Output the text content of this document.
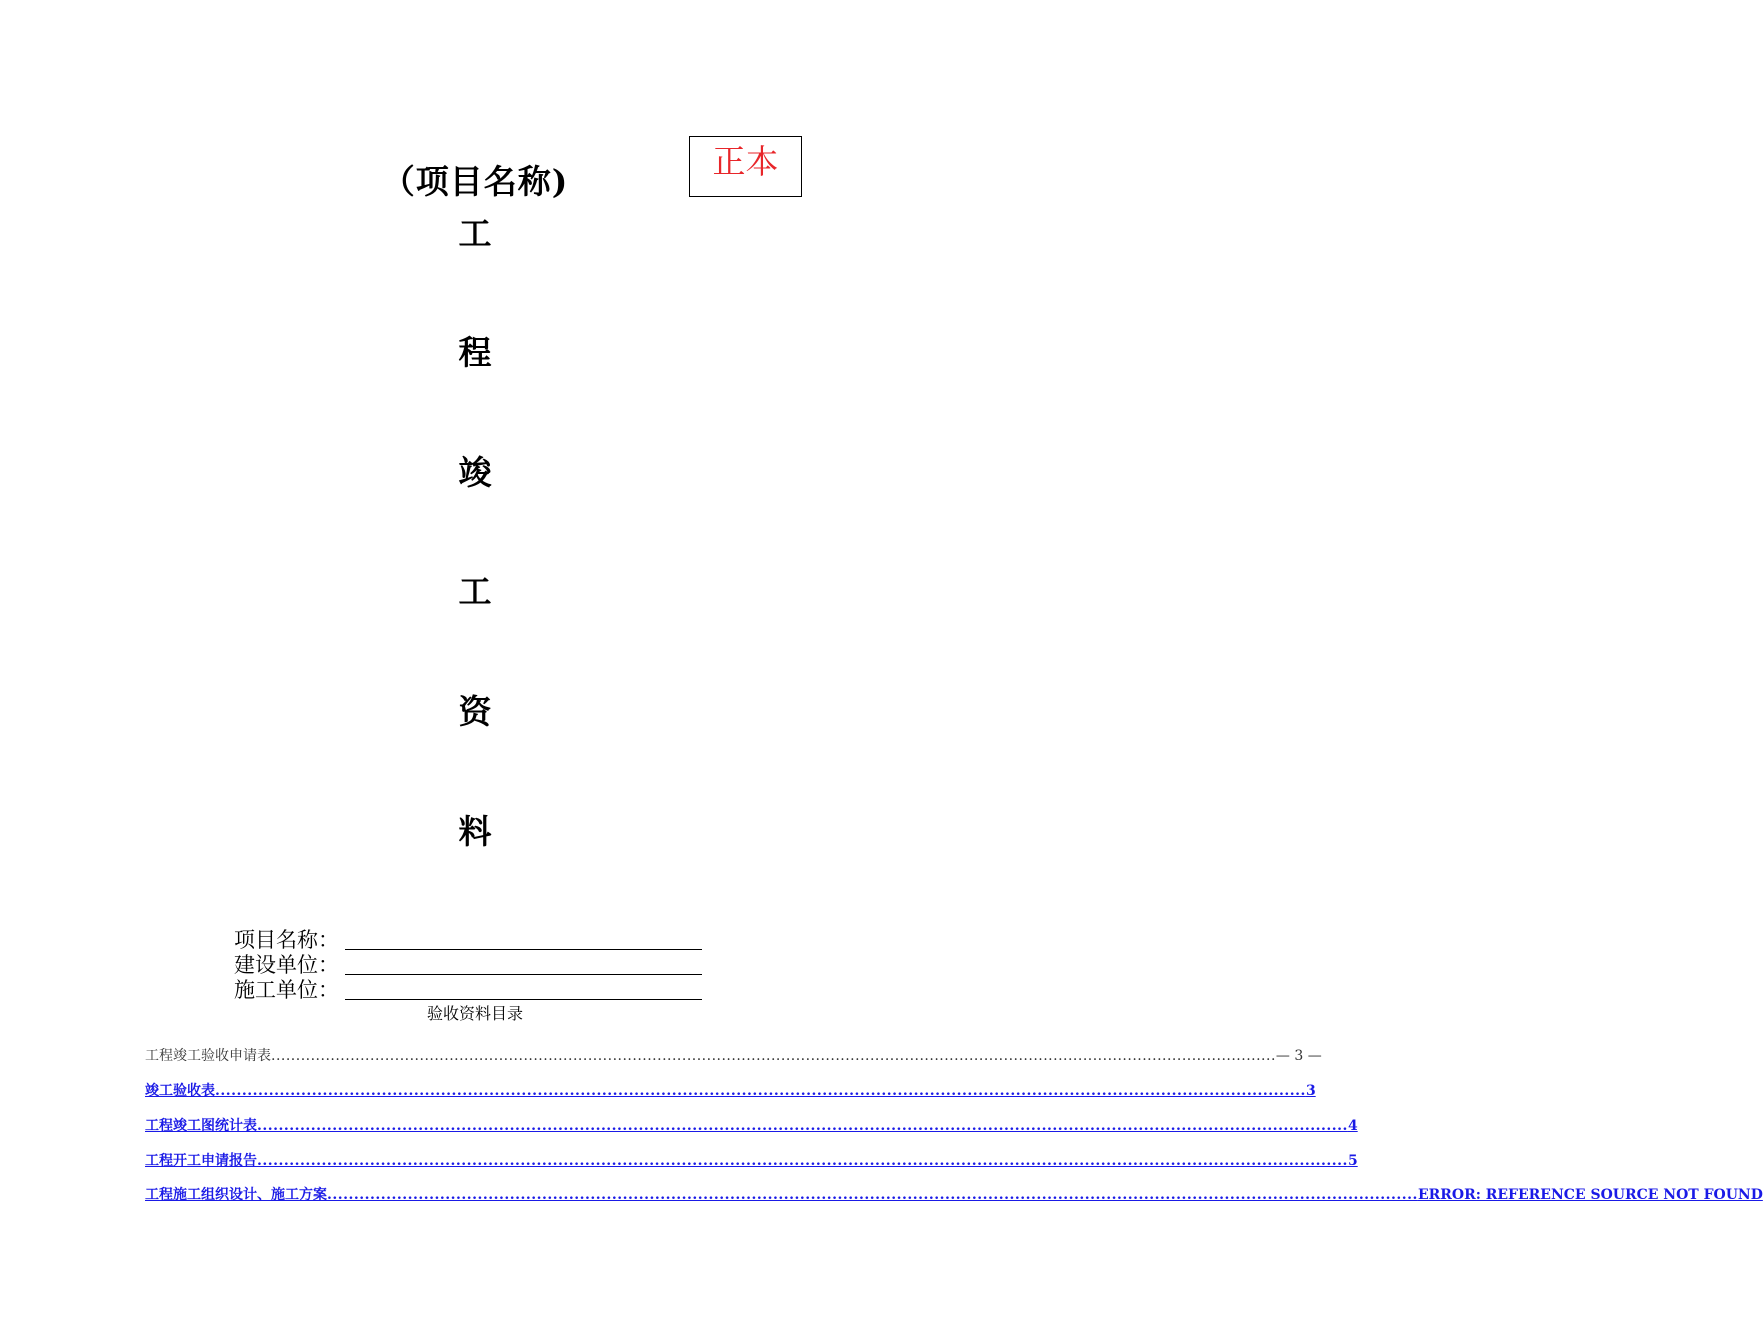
正本
（项目名称)
工
程
竣
工
资
料
项目名称：
建设单位：
施工单位：
验收资料目录
工程竣工验收申请表 ........................................................................................................................................................................................................... — 3 —
竣工验收表 ........................................................................................................................................................................................................... 3
工程竣工图统计表 ........................................................................................................................................................................................................... 4
工程开工申请报告 ........................................................................................................................................................................................................... 5
工程施工组织设计、施工方案 ........................................................................................................................................................................................................... ERROR: REFERENCE SOURCE NOT FOUND
